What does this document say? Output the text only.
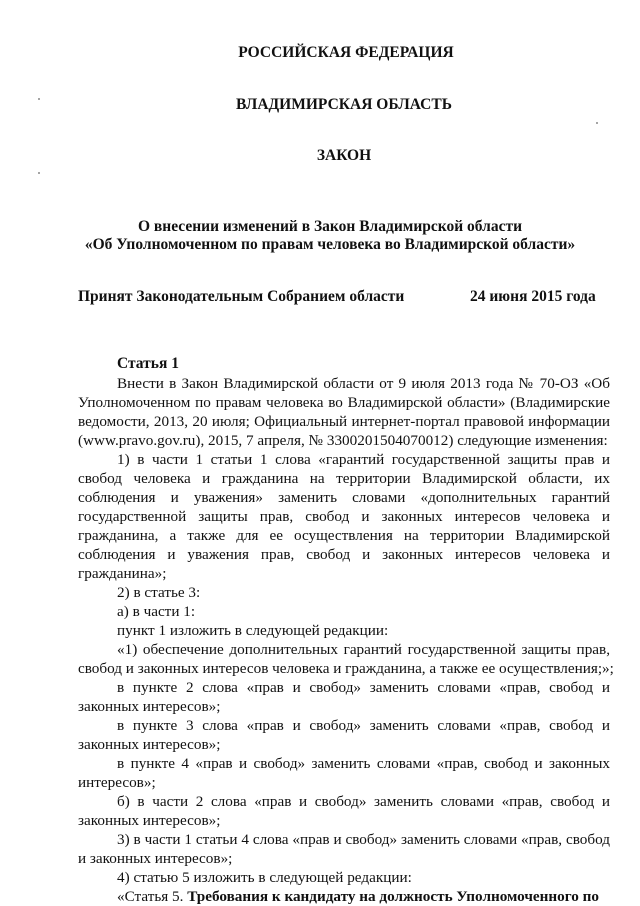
РОССИЙСКАЯ ФЕДЕРАЦИЯ
ВЛАДИМИРСКАЯ ОБЛАСТЬ
ЗАКОН
О внесении изменений в Закон Владимирской области
«Об Уполномоченном по правам человека во Владимирской области»
Принят Законодательным Собранием области	24 июня 2015 года
Статья 1
Внести в Закон Владимирской области от 9 июля 2013 года № 70-ОЗ «Об
Уполномоченном по правам человека во Владимирской области» (Владимирские
ведомости, 2013, 20 июля; Официальный интернет-портал правовой информации
(www.pravo.gov.ru), 2015, 7 апреля, № 3300201504070012) следующие изменения:
1) в части 1 статьи 1 слова «гарантий государственной защиты прав и
свобод человека и гражданина на территории Владимирской области, их
соблюдения и уважения» заменить словами «дополнительных гарантий
государственной защиты прав, свобод и законных интересов человека и
гражданина, а также для ее осуществления на территории Владимирской
соблюдения и уважения прав, свобод и законных интересов человека и
гражданина»;
2) в статье 3:
а) в части 1:
пункт 1 изложить в следующей редакции:
«1) обеспечение дополнительных гарантий государственной защиты прав,
свобод и законных интересов человека и гражданина, а также ее осуществления;»;
в пункте 2 слова «прав и свобод» заменить словами «прав, свобод и
законных интересов»;
в пункте 3 слова «прав и свобод» заменить словами «прав, свобод и
законных интересов»;
в пункте 4 «прав и свобод» заменить словами «прав, свобод и законных
интересов»;
б) в части 2 слова «прав и свобод» заменить словами «прав, свобод и
законных интересов»;
3) в части 1 статьи 4 слова «прав и свобод» заменить словами «прав, свобод
и законных интересов»;
4) статью 5 изложить в следующей редакции:
«Статья 5. Требования к кандидату на должность Уполномоченного по
